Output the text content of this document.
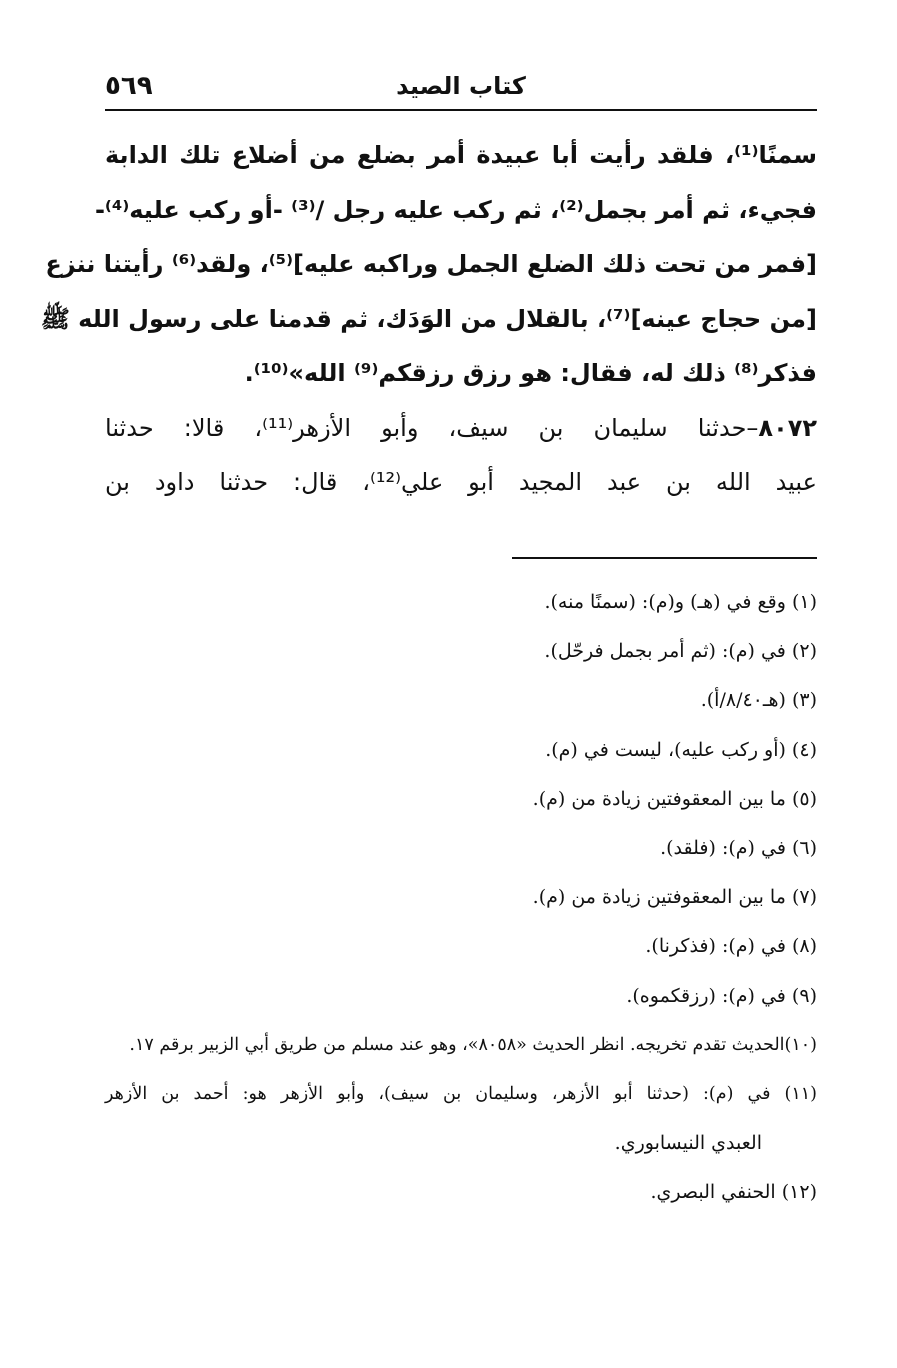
٥٦٩	كتاب الصيد
سمنًا⁽¹⁾، فلقد رأيت أبا عبيدة أمر بضلع من أضلاع تلك الدابة
فجيء، ثم أمر بجمل⁽²⁾، ثم ركب عليه رجل /⁽³⁾ -أو ركب عليه⁽⁴⁾-
[فمر من تحت ذلك الضلع الجمل وراكبه عليه]⁽⁵⁾، ولقد⁽⁶⁾ رأيتنا ننزع
[من حجاج عينه]⁽⁷⁾، بالقلال من الوَدَك، ثم قدمنا على رسول الله ﷺ
فذكر⁽⁸⁾ ذلك له، فقال: هو رزق رزقكم⁽⁹⁾ الله»⁽¹⁰⁾.
٨٠٧٢–حدثنا سليمان بن سيف، وأبو الأزهر⁽¹¹⁾، قالا: حدثنا
عبيد الله بن عبد المجيد أبو علي⁽¹²⁾، قال: حدثنا داود بن
(١) وقع في (هـ) و(م): (سمنًا منه).
(٢) في (م): (ثم أمر بجمل فرحّل).
(٣) (هـ٨/٤٠/أ).
(٤) (أو ركب عليه)، ليست في (م).
(٥) ما بين المعقوفتين زيادة من (م).
(٦) في (م): (فلقد).
(٧) ما بين المعقوفتين زيادة من (م).
(٨) في (م): (فذكرنا).
(٩) في (م): (رزقكموه).
(١٠)الحديث تقدم تخريجه. انظر الحديث «٨٠٥٨»، وهو عند مسلم من طريق أبي الزبير برقم ١٧.
(١١) في (م): (حدثنا أبو الأزهر، وسليمان بن سيف)، وأبو الأزهر هو: أحمد بن الأزهر
العبدي النيسابوري.
(١٢) الحنفي البصري.
